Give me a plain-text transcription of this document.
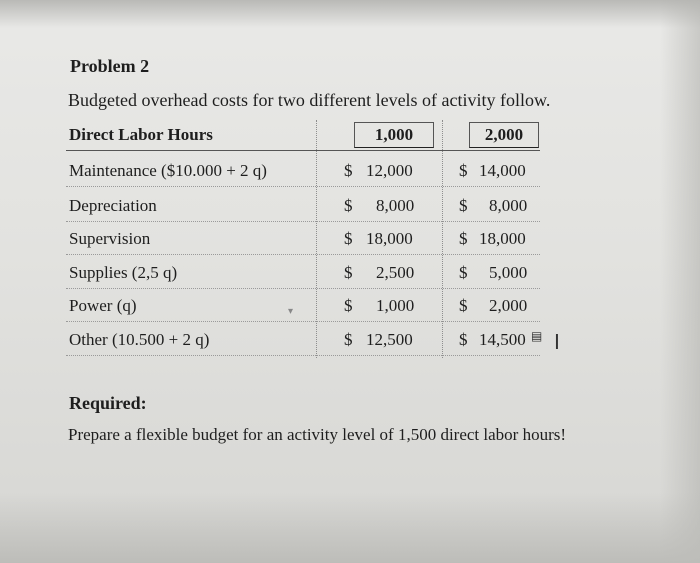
Problem 2
Budgeted overhead costs for two different levels of activity follow.
Direct Labor Hours	1,000	2,000
Maintenance ($10.000 + 2 q)	$ 12,000	$ 14,000
Depreciation	$ 8,000	$ 8,000
Supervision	$ 18,000	$ 18,000
Supplies (2,5 q)	$ 2,500	$ 5,000
Power (q)	$ 1,000	$ 2,000
Other (10.500 + 2 q)	$ 12,500	$ 14,500
▾
▤ I
Required:
Prepare a flexible budget for an activity level of 1,500 direct labor hours!
